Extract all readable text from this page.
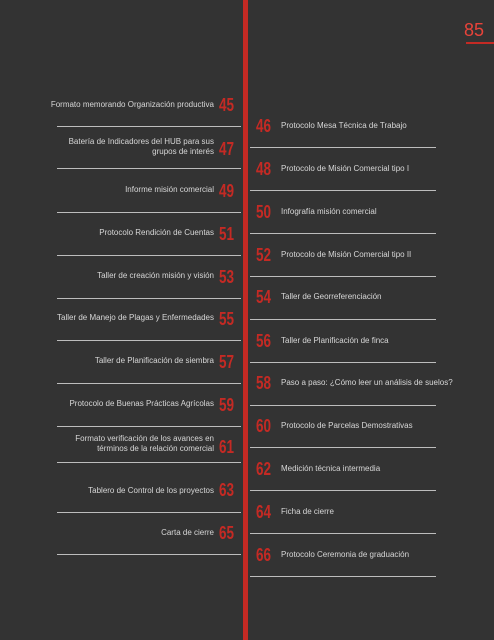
85
Formato memorando Organización productiva 45
Batería de Indicadores del HUB para sus grupos de interés 47
Informe misión comercial 49
Protocolo Rendición de Cuentas 51
Taller de creación misión y visión 53
Taller de Manejo de Plagas y Enfermedades 55
Taller de Planificación de siembra 57
Protocolo de Buenas Prácticas Agrícolas 59
Formato verificación de los avances en términos de la relación comercial 61
Tablero de Control de los proyectos 63
Carta de cierre 65
46 Protocolo Mesa Técnica de Trabajo
48 Protocolo de Misión Comercial tipo I
50 Infografía misión comercial
52 Protocolo de Misión Comercial tipo II
54 Taller de Georreferenciación
56 Taller de Planificación de finca
58 Paso a paso: ¿Cómo leer un análisis de suelos?
60 Protocolo de Parcelas Demostrativas
62 Medición técnica intermedia
64 Ficha de cierre
66 Protocolo Ceremonia de graduación
